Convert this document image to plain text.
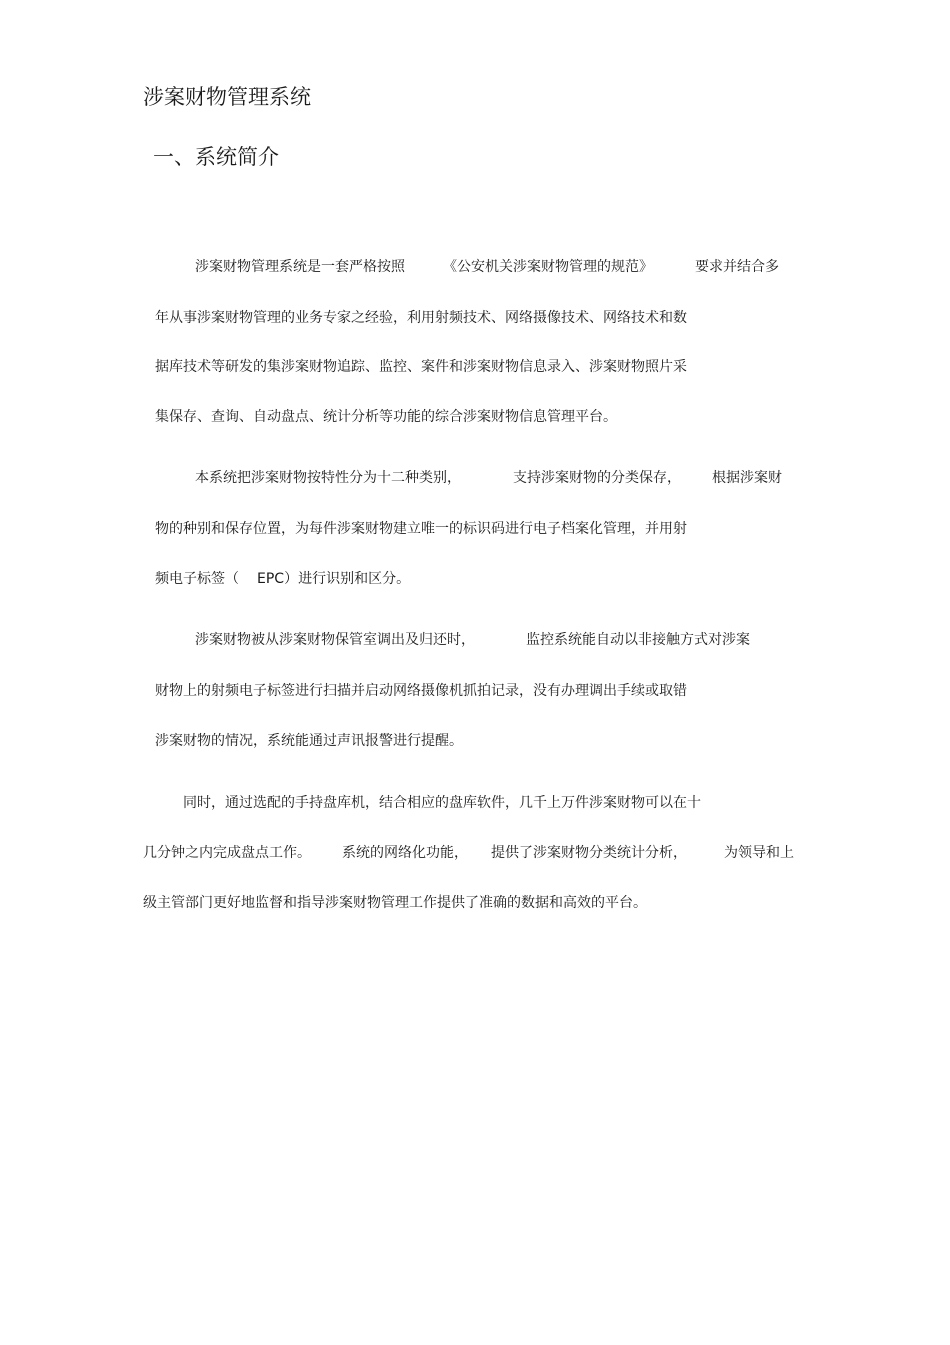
涉案财物管理系统
一、系统简介
涉案财物管理系统是一套严格按照	《公安机关涉案财物管理的规范》	要求并结合多
年从事涉案财物管理的业务专家之经验，利用射频技术、网络摄像技术、网络技术和数
据库技术等研发的集涉案财物追踪、监控、案件和涉案财物信息录入、涉案财物照片采
集保存、查询、自动盘点、统计分析等功能的综合涉案财物信息管理平台。
本系统把涉案财物按特性分为十二种类别，	支持涉案财物的分类保存， 根据涉案财
物的种别和保存位置，为每件涉案财物建立唯一的标识码进行电子档案化管理，并用射
频电子标签（ EPC）进行识别和区分。
涉案财物被从涉案财物保管室调出及归还时，	监控系统能自动以非接触方式对涉案
财物上的射频电子标签进行扫描并启动网络摄像机抓拍记录，没有办理调出手续或取错
涉案财物的情况，系统能通过声讯报警进行提醒。
同时，通过选配的手持盘库机，结合相应的盘库软件，几千上万件涉案财物可以在十
几分钟之内完成盘点工作。 系统的网络化功能， 提供了涉案财物分类统计分析，	为领导和上
级主管部门更好地监督和指导涉案财物管理工作提供了准确的数据和高效的平台。
